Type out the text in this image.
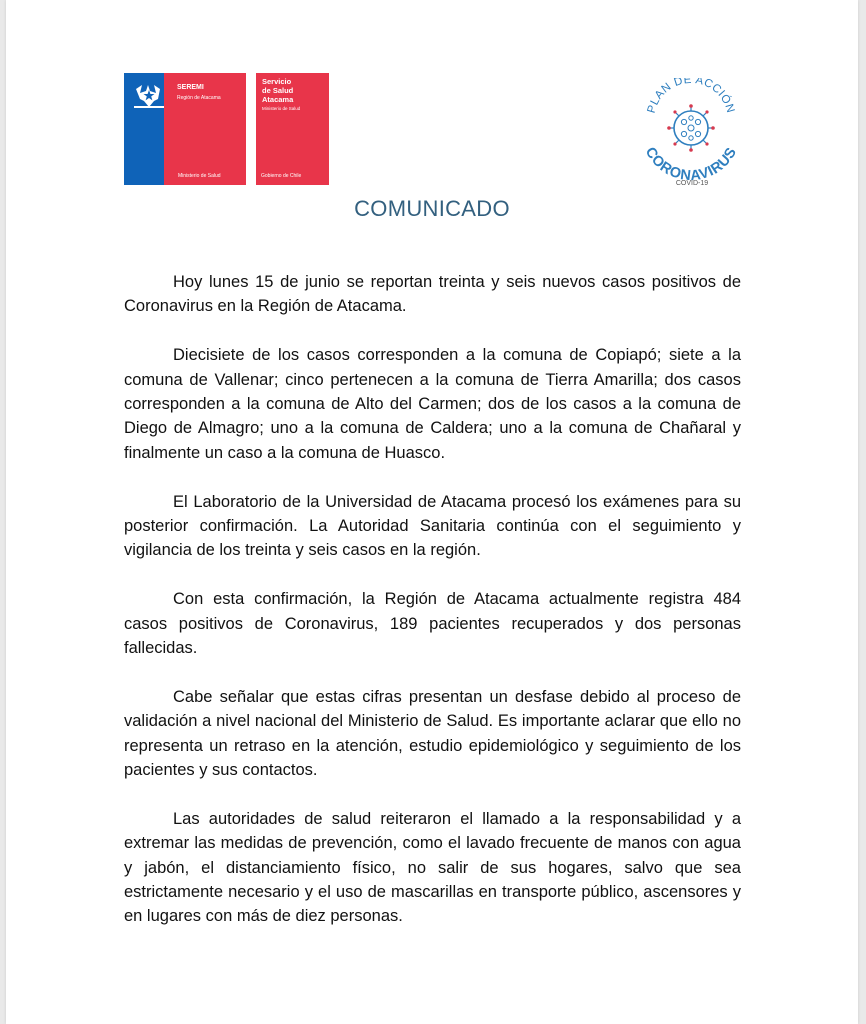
SEREMI
Región de Atacama
Ministerio de Salud
Servicio
de Salud
Atacama
Ministerio de Salud
Gobierno de Chile
PLAN DE ACCIÓN
CORONAVIRUS
COVID-19
COMUNICADO

Hoy lunes 15 de junio se reportan treinta y seis nuevos casos positivos de Coronavirus en la Región de Atacama.

Diecisiete de los casos corresponden a la comuna de Copiapó; siete a la comuna de Vallenar; cinco pertenecen a la comuna de Tierra Amarilla; dos casos corresponden a la comuna de Alto del Carmen; dos de los casos a la comuna de Diego de Almagro; uno a la comuna de Caldera; uno a la comuna de Chañaral y finalmente un caso a la comuna de Huasco.

El Laboratorio de la Universidad de Atacama procesó los exámenes para su posterior confirmación. La Autoridad Sanitaria continúa con el seguimiento y vigilancia de los treinta y seis casos en la región.

Con esta confirmación, la Región de Atacama actualmente registra 484 casos positivos de Coronavirus, 189 pacientes recuperados y dos personas fallecidas.

Cabe señalar que estas cifras presentan un desfase debido al proceso de validación a nivel nacional del Ministerio de Salud. Es importante aclarar que ello no representa un retraso en la atención, estudio epidemiológico y seguimiento de los pacientes y sus contactos.

Las autoridades de salud reiteraron el llamado a la responsabilidad y a extremar las medidas de prevención, como el lavado frecuente de manos con agua y jabón, el distanciamiento físico, no salir de sus hogares, salvo que sea estrictamente necesario y el uso de mascarillas en transporte público, ascensores y en lugares con más de diez personas.
